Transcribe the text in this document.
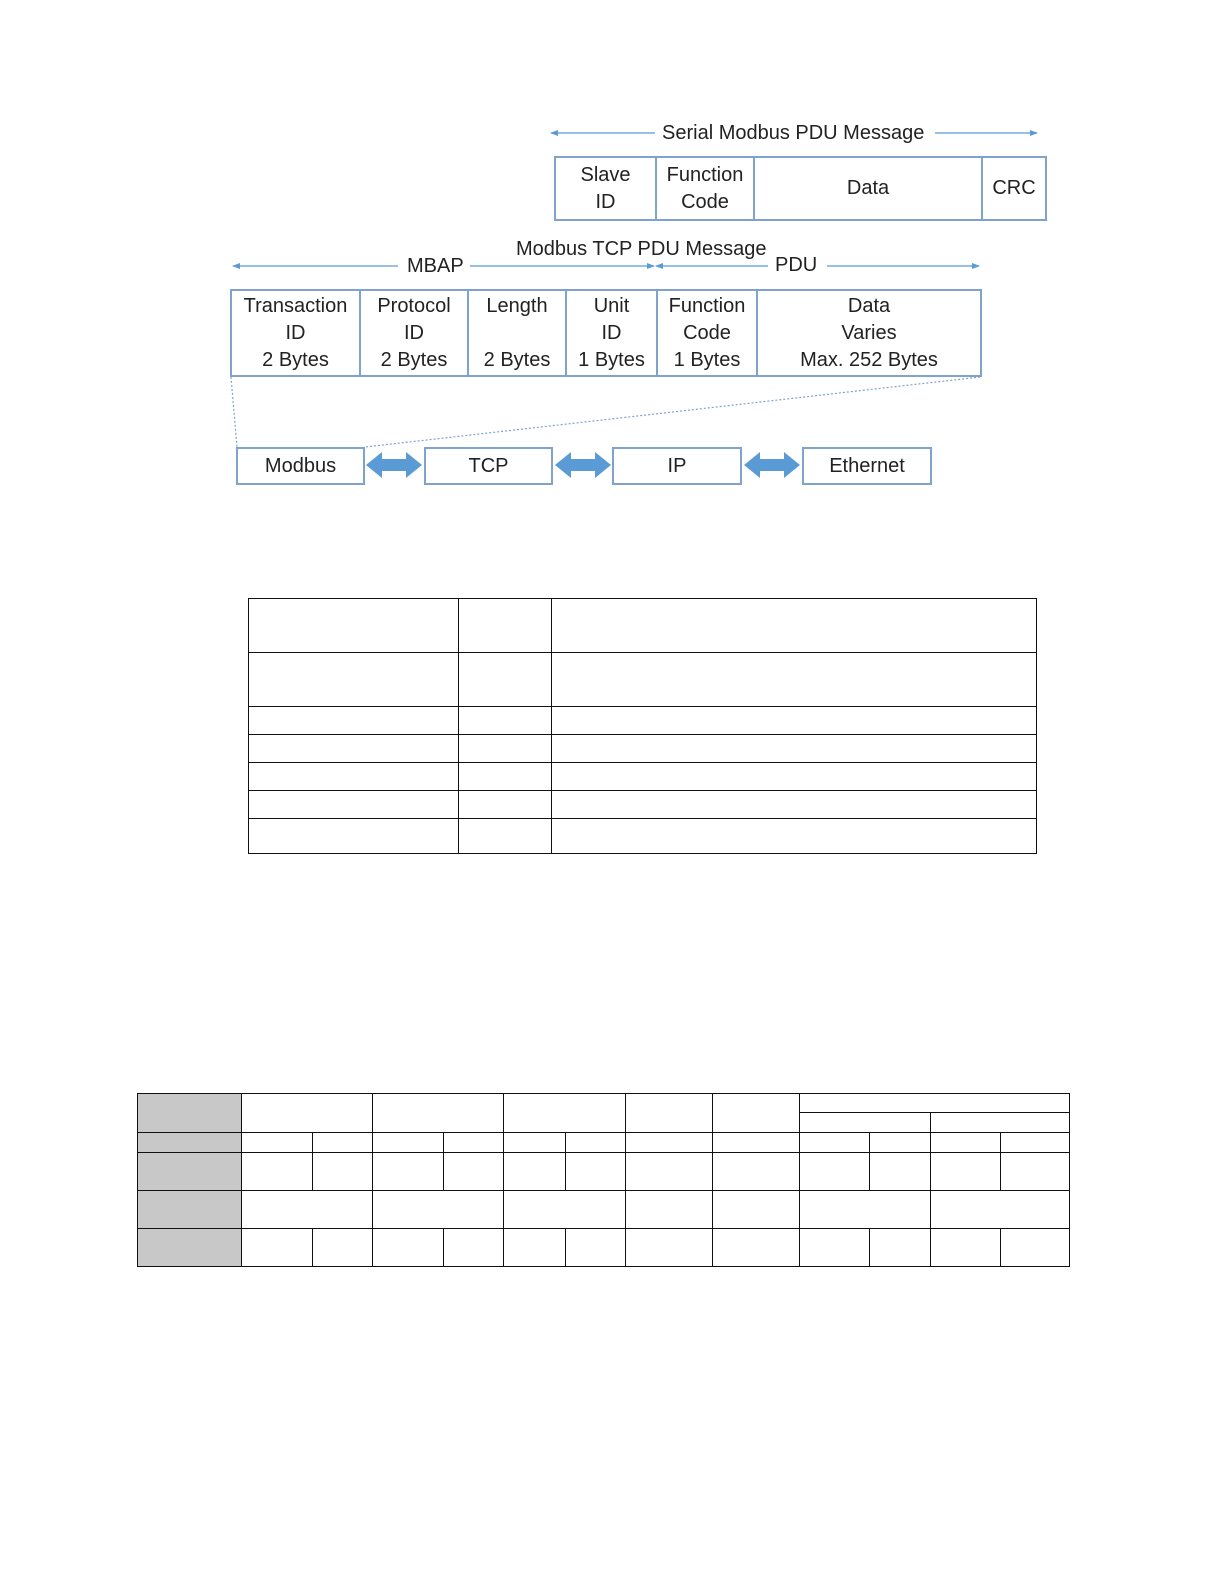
Serial Modbus PDU Message
Slave
ID
Function
Code
Data	CRC
Modbus TCP PDU Message
MBAP	PDU
Transaction
ID
2 Bytes
Protocol
ID
2 Bytes
Length
2 Bytes
Unit
ID
1 Bytes
Function
Code
1 Bytes
Data
Varies
Max. 252 Bytes
Modbus	TCP	IP	Ethernet
